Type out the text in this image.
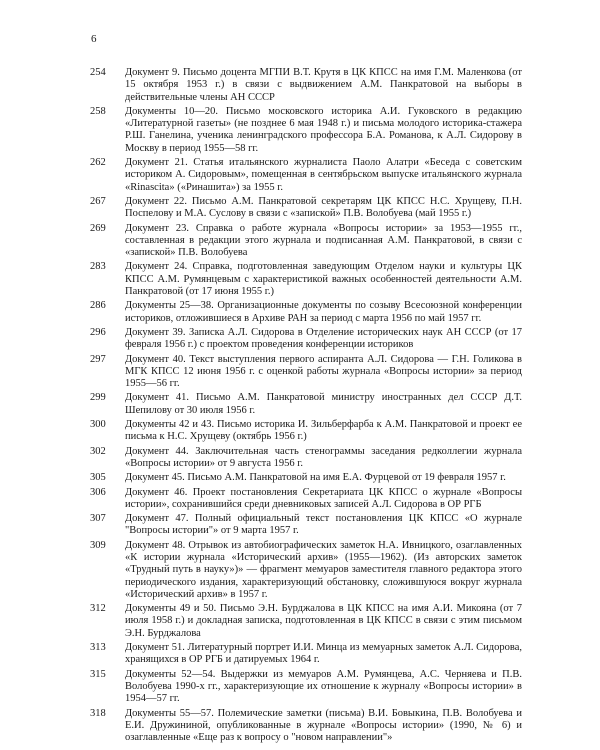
6
254	Документ 9. Письмо доцента МГПИ В.Т. Крутя в ЦК КПСС на имя Г.М. Маленкова (от 15 октября 1953 г.) в связи с выдвижением А.М. Панкратовой на выборы в действительные члены АН СССР
258	Документы 10—20. Письмо московского историка А.И. Гуковского в редакцию «Литературной газеты» (не позднее 6 мая 1948 г.) и письма молодого историка-стажера Р.Ш. Ганелина, ученика ленинградского профессора Б.А. Романова, к А.Л. Сидорову в Москву в период 1955—58 гг.
262	Документ 21. Статья итальянского журналиста Паоло Алатри «Беседа с советским историком А. Сидоровым», помещенная в сентябрьском выпуске итальянского журнала «Rinascita» («Ринашита») за 1955 г.
267	Документ 22. Письмо А.М. Панкратовой секретарям ЦК КПСС Н.С. Хрущеву, П.Н. Поспелову и М.А. Суслову в связи с «запиской» П.В. Волобуева (май 1955 г.)
269	Документ 23. Справка о работе журнала «Вопросы истории» за 1953—1955 гг., составленная в редакции этого журнала и подписанная А.М. Панкратовой, в связи с «запиской» П.В. Волобуева
283	Документ 24. Справка, подготовленная заведующим Отделом науки и культуры ЦК КПСС А.М. Румянцевым с характеристикой важных особенностей деятельности А.М. Панкратовой (от 17 июня 1955 г.)
286	Документы 25—38. Организационные документы по созыву Всесоюзной конференции историков, отложившиеся в Архиве РАН за период с марта 1956 по май 1957 гг.
296	Документ 39. Записка А.Л. Сидорова в Отделение исторических наук АН СССР (от 17 февраля 1956 г.) с проектом проведения конференции историков
297	Документ 40. Текст выступления первого аспиранта А.Л. Сидорова — Г.Н. Голикова в МГК КПСС 12 июня 1956 г. с оценкой работы журнала «Вопросы истории» за период 1955—56 гг.
299	Документ 41. Письмо А.М. Панкратовой министру иностранных дел СССР Д.Т. Шепилову от 30 июля 1956 г.
300	Документы 42 и 43. Письмо историка И. Зильберфарба к А.М. Панкратовой и проект ее письма к Н.С. Хрущеву (октябрь 1956 г.)
302	Документ 44. Заключительная часть стенограммы заседания редколлегии журнала «Вопросы истории» от 9 августа 1956 г.
305	Документ 45. Письмо А.М. Панкратовой на имя Е.А. Фурцевой от 19 февраля 1957 г.
306	Документ 46. Проект постановления Секретариата ЦК КПСС о журнале «Вопросы истории», сохранившийся среди дневниковых записей А.Л. Сидорова в ОР РГБ
307	Документ 47. Полный официальный текст постановления ЦК КПСС «О журнале "Вопросы истории"» от 9 марта 1957 г.
309	Документ 48. Отрывок из автобиографических заметок Н.А. Ивницкого, озаглавленных «К истории журнала «Исторический архив» (1955—1962). (Из авторских заметок «Трудный путь в науку»)» — фрагмент мемуаров заместителя главного редактора этого периодического издания, характеризующий обстановку, сложившуюся вокруг журнала «Исторический архив» в 1957 г.
312	Документы 49 и 50. Письмо Э.Н. Бурджалова в ЦК КПСС на имя А.И. Микояна (от 7 июля 1958 г.) и докладная записка, подготовленная в ЦК КПСС в связи с этим письмом Э.Н. Бурджалова
313	Документ 51. Литературный портрет И.И. Минца из мемуарных заметок А.Л. Сидорова, хранящихся в ОР РГБ и датируемых 1964 г.
315	Документы 52—54. Выдержки из мемуаров А.М. Румянцева, А.С. Черняева и П.В. Волобуева 1990-х гг., характеризующие их отношение к журналу «Вопросы истории» в 1954—57 гг.
318	Документы 55—57. Полемические заметки (письма) В.И. Бовыкина, П.В. Волобуева и Е.И. Дружининой, опубликованные в журнале «Вопросы истории» (1990, № 6) и озаглавленные «Еще раз к вопросу о "новом направлении"»
